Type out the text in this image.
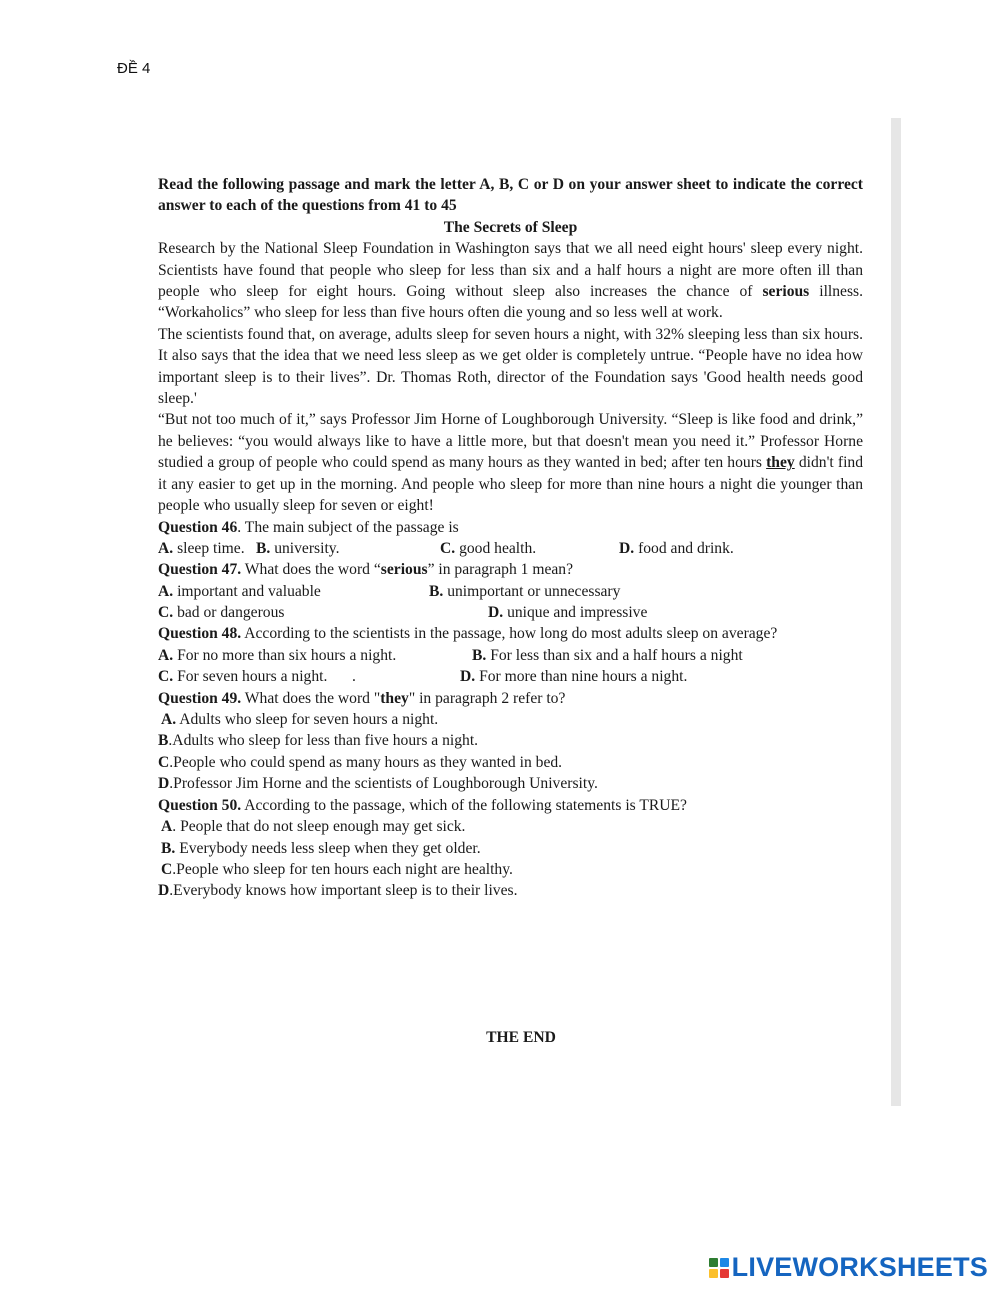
ĐỀ 4

Read the following passage and mark the letter A, B, C or D on your answer sheet to indicate the correct answer to each of the questions from 41 to 45

The Secrets of Sleep

Research by the National Sleep Foundation in Washington says that we all need eight hours' sleep every night. Scientists have found that people who sleep for less than six and a half hours a night are more often ill than people who sleep for eight hours. Going without sleep also increases the chance of serious illness. “Workaholics” who sleep for less than five hours often die young and so less well at work.

The scientists found that, on average, adults sleep for seven hours a night, with 32% sleeping less than six hours. It also says that the idea that we need less sleep as we get older is completely untrue. “People have no idea how important sleep is to their lives”. Dr. Thomas Roth, director of the Foundation says 'Good health needs good sleep.'

“But not too much of it,” says Professor Jim Horne of Loughborough University. “Sleep is like food and drink,” he believes: “you would always like to have a little more, but that doesn't mean you need it.” Professor Horne studied a group of people who could spend as many hours as they wanted in bed; after ten hours they didn't find it any easier to get up in the morning. And people who sleep for more than nine hours a night die younger than people who usually sleep for seven or eight!

Question 46. The main subject of the passage is

A. sleep time. B. university.	C. good health.	D. food and drink.

Question 47. What does the word “serious” in paragraph 1 mean?

A. important and valuable	B. unimportant or unnecessary
C. bad or dangerous	D. unique and impressive

Question 48. According to the scientists in the passage, how long do most adults sleep on average?

A. For no more than six hours a night.	B. For less than six and a half hours a night
C. For seven hours a night. .	D. For more than nine hours a night.

Question 49. What does the word "they" in paragraph 2 refer to?

A. Adults who sleep for seven hours a night.

B.Adults who sleep for less than five hours a night.

C.People who could spend as many hours as they wanted in bed.

D.Professor Jim Horne and the scientists of Loughborough University.

Question 50. According to the passage, which of the following statements is TRUE?

A. People that do not sleep enough may get sick.

B. Everybody needs less sleep when they get older.

C.People who sleep for ten hours each night are healthy.

D.Everybody knows how important sleep is to their lives.

THE END
LIVEWORKSHEETS
